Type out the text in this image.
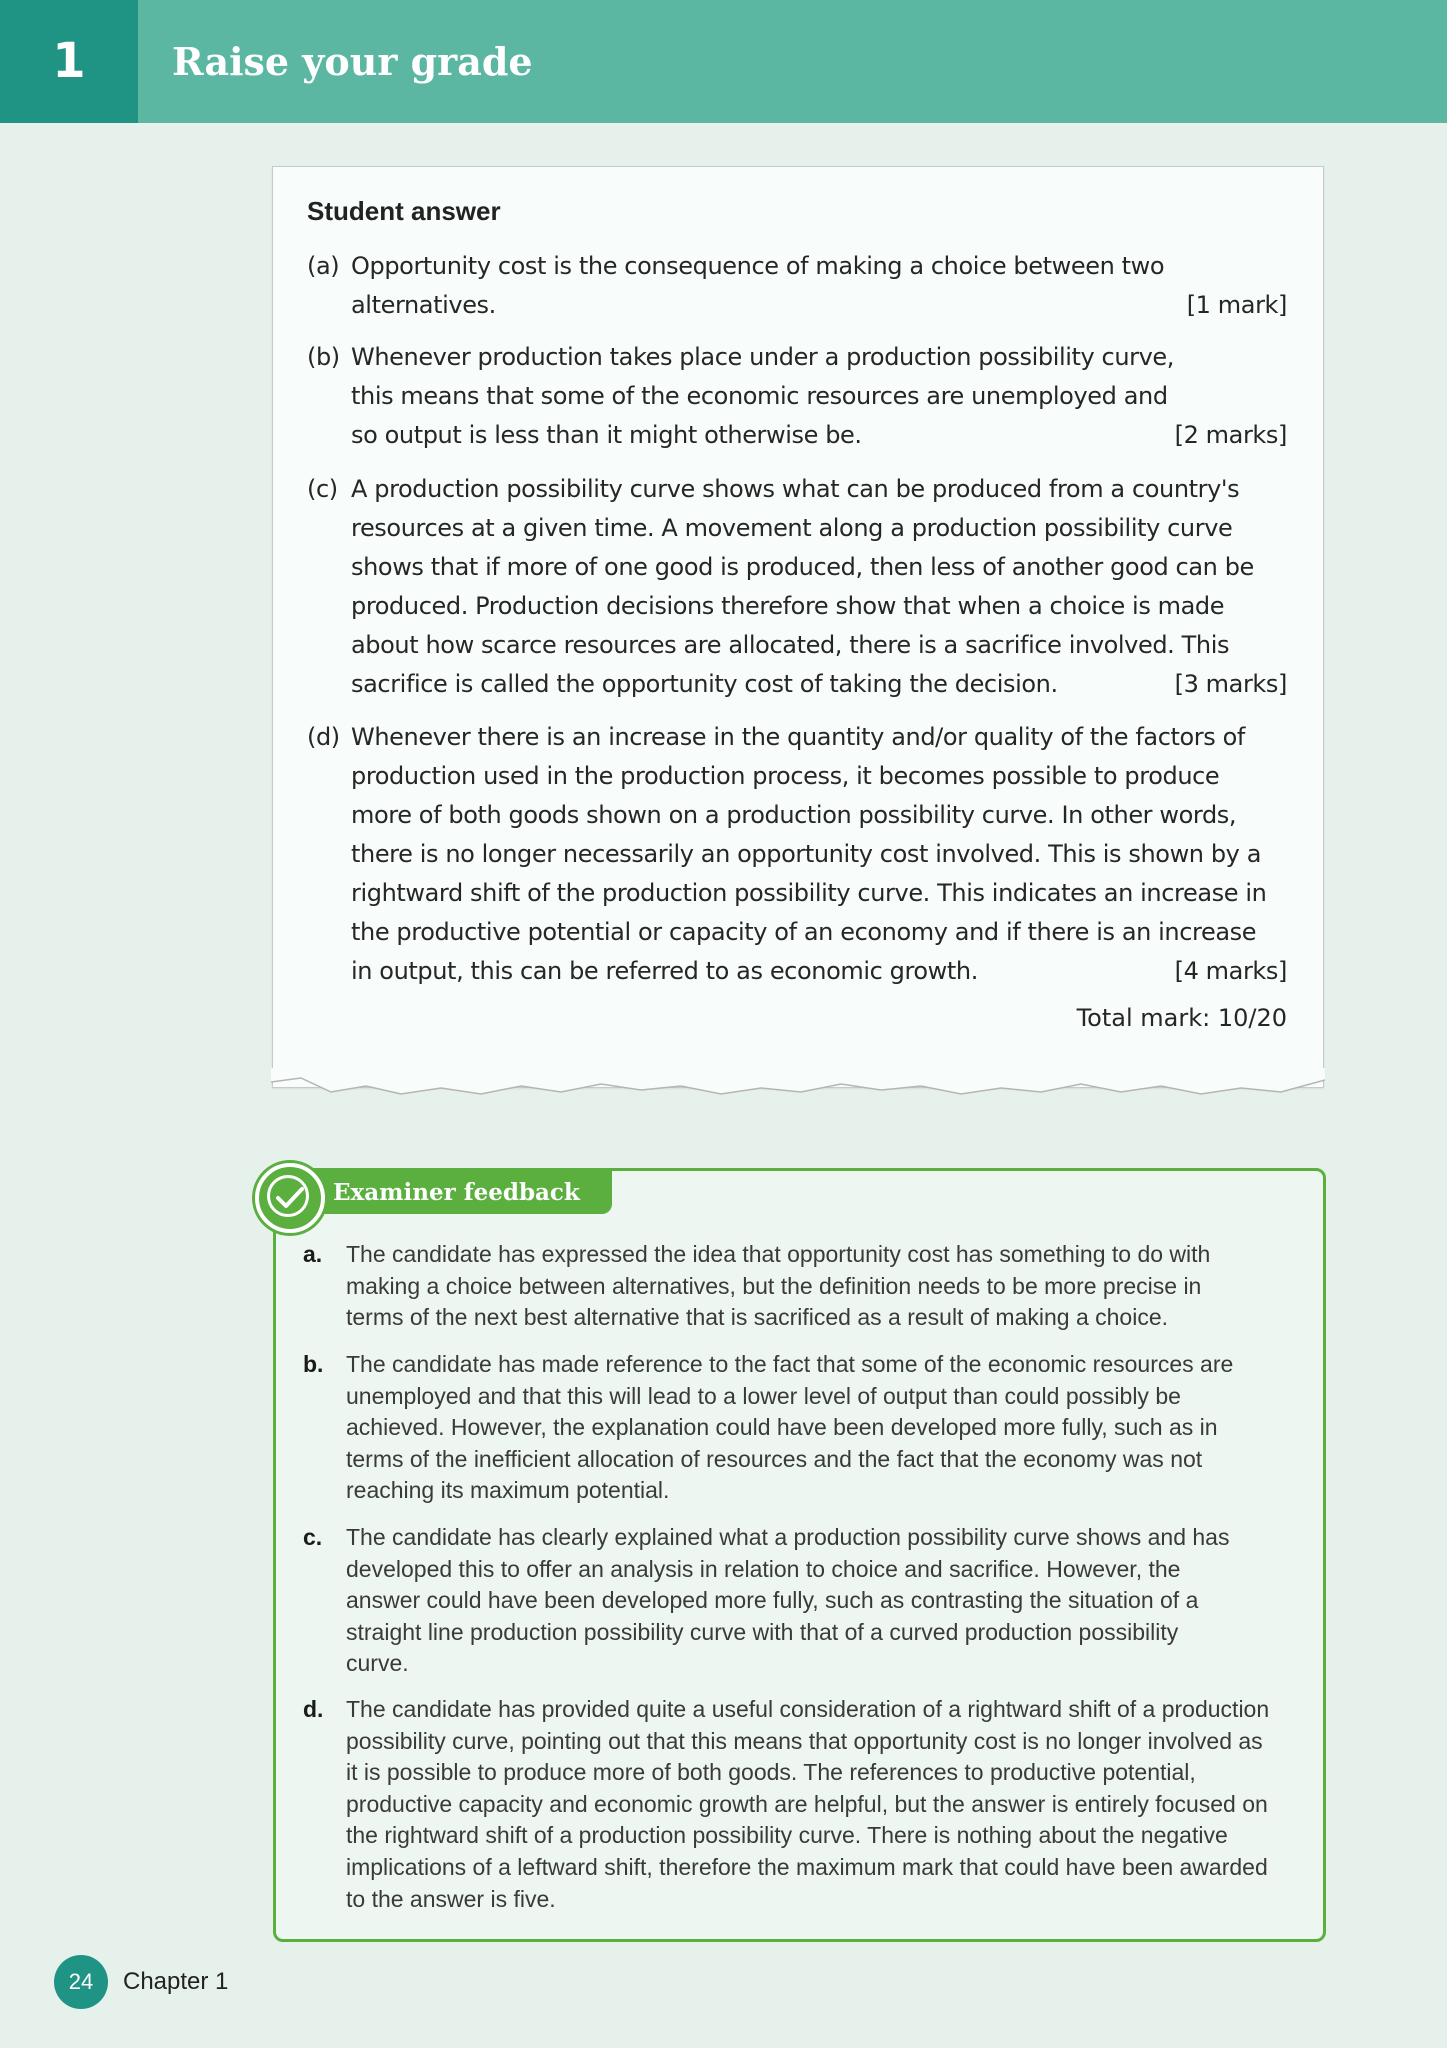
1	Raise your grade
Student answer
(a) Opportunity cost is the consequence of making a choice between two alternatives.	[1 mark]
(b) Whenever production takes place under a production possibility curve, this means that some of the economic resources are unemployed and so output is less than it might otherwise be.	[2 marks]
(c) A production possibility curve shows what can be produced from a country's resources at a given time. A movement along a production possibility curve shows that if more of one good is produced, then less of another good can be produced. Production decisions therefore show that when a choice is made about how scarce resources are allocated, there is a sacrifice involved. This sacrifice is called the opportunity cost of taking the decision.	[3 marks]
(d) Whenever there is an increase in the quantity and/or quality of the factors of production used in the production process, it becomes possible to produce more of both goods shown on a production possibility curve. In other words, there is no longer necessarily an opportunity cost involved. This is shown by a rightward shift of the production possibility curve. This indicates an increase in the productive potential or capacity of an economy and if there is an increase in output, this can be referred to as economic growth.	[4 marks]
Total mark: 10/20
Examiner feedback
a. The candidate has expressed the idea that opportunity cost has something to do with making a choice between alternatives, but the definition needs to be more precise in terms of the next best alternative that is sacrificed as a result of making a choice.
b. The candidate has made reference to the fact that some of the economic resources are unemployed and that this will lead to a lower level of output than could possibly be achieved. However, the explanation could have been developed more fully, such as in terms of the inefficient allocation of resources and the fact that the economy was not reaching its maximum potential.
c. The candidate has clearly explained what a production possibility curve shows and has developed this to offer an analysis in relation to choice and sacrifice. However, the answer could have been developed more fully, such as contrasting the situation of a straight line production possibility curve with that of a curved production possibility curve.
d. The candidate has provided quite a useful consideration of a rightward shift of a production possibility curve, pointing out that this means that opportunity cost is no longer involved as it is possible to produce more of both goods. The references to productive potential, productive capacity and economic growth are helpful, but the answer is entirely focused on the rightward shift of a production possibility curve. There is nothing about the negative implications of a leftward shift, therefore the maximum mark that could have been awarded to the answer is five.
24	Chapter 1
